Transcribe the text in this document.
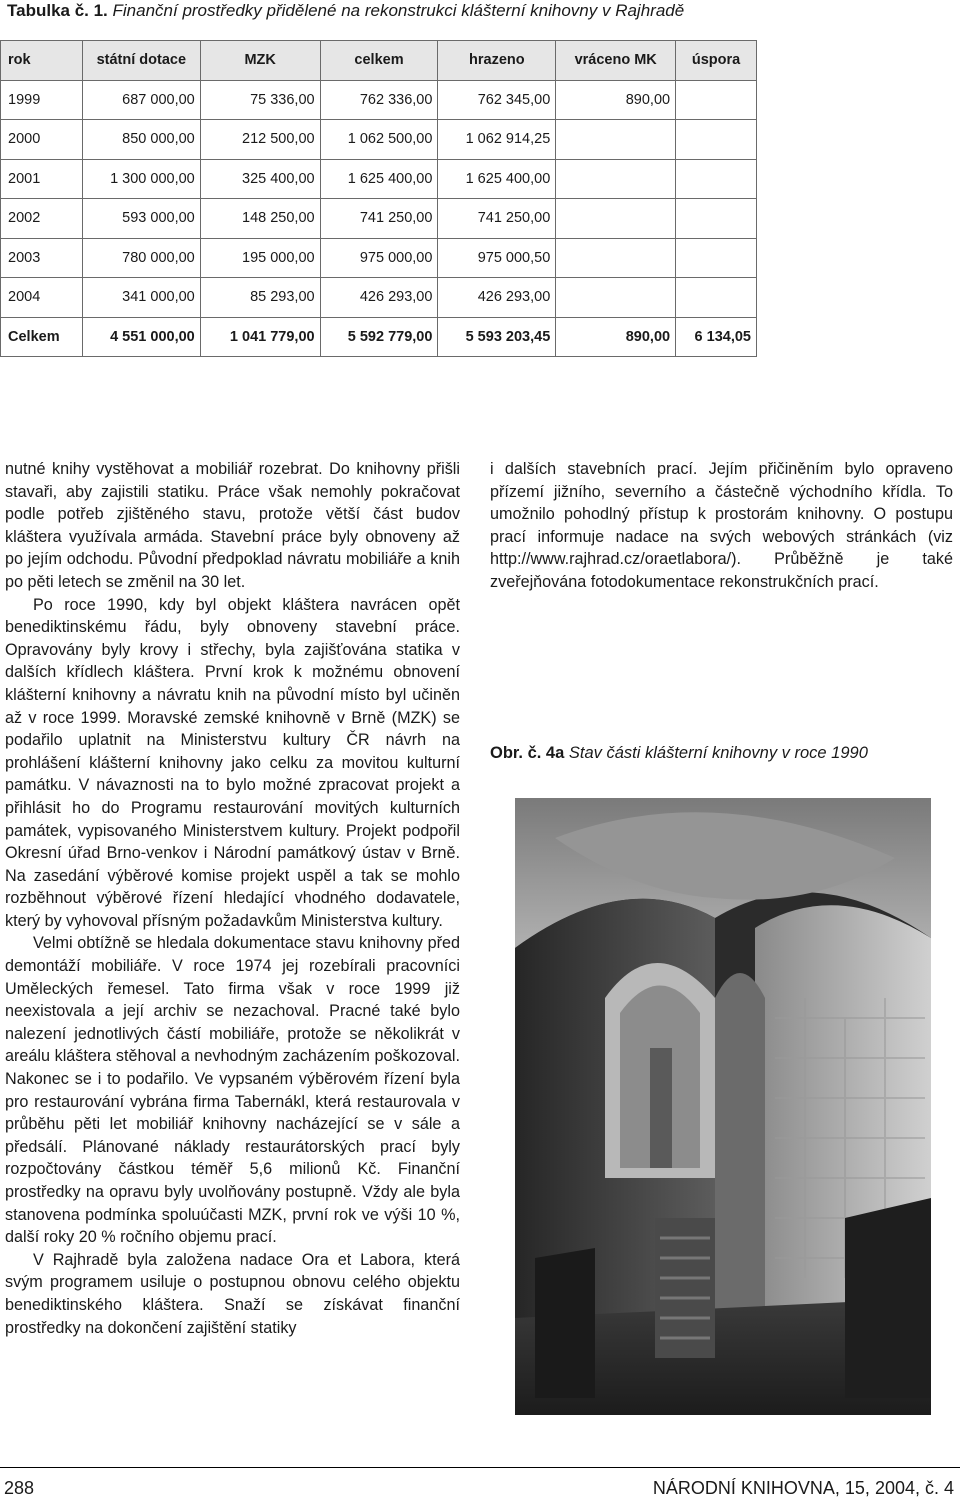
Tabulka č. 1. Finanční prostředky přidělené na rekonstrukci klášterní knihovny v Rajhradě
rok	státní dotace	MZK	celkem	hrazeno	vráceno MK	úspora
1999	687 000,00	75 336,00	762 336,00	762 345,00	890,00	
2000	850 000,00	212 500,00	1 062 500,00	1 062 914,25		
2001	1 300 000,00	325 400,00	1 625 400,00	1 625 400,00		
2002	593 000,00	148 250,00	741 250,00	741 250,00		
2003	780 000,00	195 000,00	975 000,00	975 000,50		
2004	341 000,00	85 293,00	426 293,00	426 293,00		
Celkem	4 551 000,00	1 041 779,00	5 592 779,00	5 593 203,45	890,00	6 134,05

nutné knihy vystěhovat a mobiliář rozebrat. Do knihovny přišli stavaři, aby zajistili statiku. Práce však nemohly pokračovat podle potřeb zjištěného stavu, protože větší část budov kláštera využívala armáda. Stavební práce byly obnoveny až po jejím odchodu. Původní předpoklad návratu mobiliáře a knih po pěti letech se změnil na 30 let.

Po roce 1990, kdy byl objekt kláštera navrácen opět benediktinskému řádu, byly obnoveny stavební práce. Opravovány byly krovy i střechy, byla zajišťována statika v dalších křídlech kláštera. První krok k možnému obnovení klášterní knihovny a návratu knih na původní místo byl učiněn až v roce 1999. Moravské zemské knihovně v Brně (MZK) se podařilo uplatnit na Ministerstvu kultury ČR návrh na prohlášení klášterní knihovny jako celku za movitou kulturní památku. V návaznosti na to bylo možné zpracovat projekt a přihlásit ho do Programu restaurování movitých kulturních památek, vypisovaného Ministerstvem kultury. Projekt podpořil Okresní úřad Brno-venkov i Národní památkový ústav v Brně. Na zasedání výběrové komise projekt uspěl a tak se mohlo rozběhnout výběrové řízení hledající vhodného dodavatele, který by vyhovoval přísným požadavkům Ministerstva kultury.

Velmi obtížně se hledala dokumentace stavu knihovny před demontáží mobiliáře. V roce 1974 jej rozebírali pracovníci Uměleckých řemesel. Tato firma však v roce 1999 již neexistovala a její archiv se nezachoval. Pracné také bylo nalezení jednotlivých částí mobiliáře, protože se několikrát v areálu kláštera stěhoval a nevhodným zacházením poškozoval. Nakonec se i to podařilo. Ve vypsaném výběrovém řízení byla pro restaurování vybrána firma Tabernákl, která restaurovala v průběhu pěti let mobiliář knihovny nacházející se v sále a předsálí. Plánované náklady restaurátorských prací byly rozpočtovány částkou téměř 5,6 milionů Kč. Finanční prostředky na opravu byly uvolňovány postupně. Vždy ale byla stanovena podmínka spoluúčasti MZK, první rok ve výši 10 %, další roky 20 % ročního objemu prací.

V Rajhradě byla založena nadace Ora et Labora, která svým programem usiluje o postupnou obnovu celého objektu benediktinského kláštera. Snaží se získávat finanční prostředky na dokončení zajištění statiky

i dalších stavebních prací. Jejím přičiněním bylo opraveno přízemí jižního, severního a částečně východního křídla. To umožnilo pohodlný přístup k prostorám knihovny. O postupu prací informuje nadace na svých webových stránkách (viz http://www.rajhrad.cz/oraetlabora/). Průběžně je také zveřejňována fotodokumentace rekonstrukčních prací.

Obr. č. 4a Stav části klášterní knihovny v roce 1990
288	NÁRODNÍ KNIHOVNA, 15, 2004, č. 4
